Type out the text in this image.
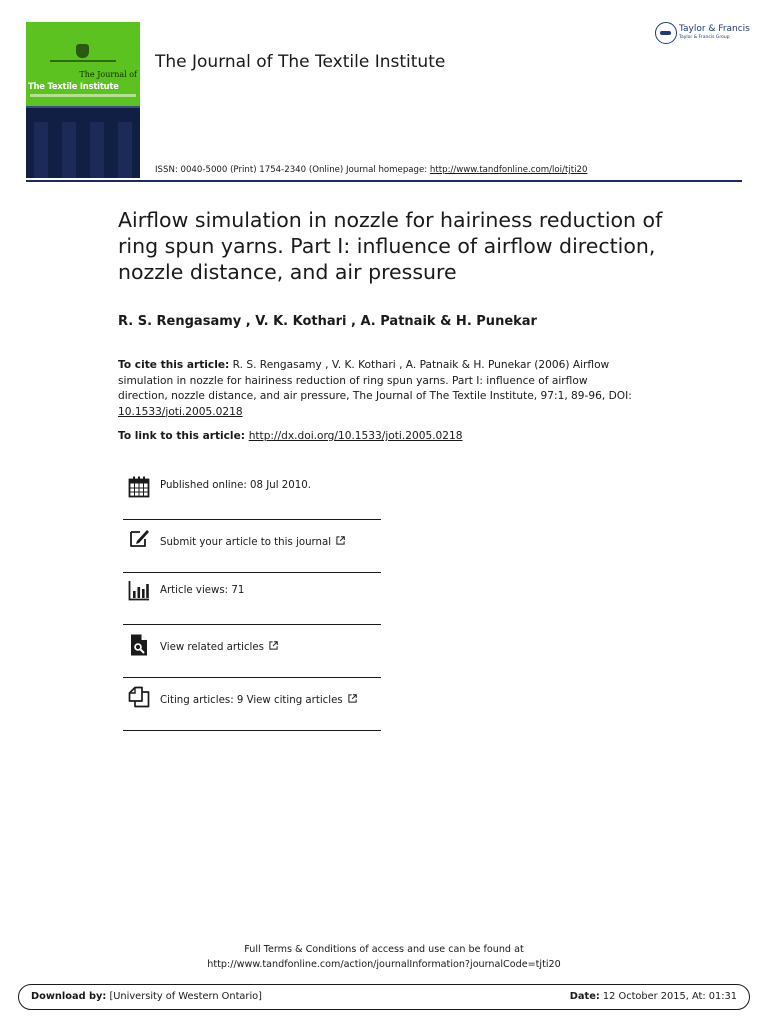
The Journal of
The Textile Institute
The Journal of The Textile Institute
Taylor & Francis
Taylor & Francis Group
ISSN: 0040-5000 (Print) 1754-2340 (Online) Journal homepage: http://www.tandfonline.com/loi/tjti20
Airflow simulation in nozzle for hairiness reduction of ring spun yarns. Part I: influence of airflow direction, nozzle distance, and air pressure
R. S. Rengasamy , V. K. Kothari , A. Patnaik & H. Punekar
To cite this article: R. S. Rengasamy , V. K. Kothari , A. Patnaik & H. Punekar (2006) Airflow simulation in nozzle for hairiness reduction of ring spun yarns. Part I: influence of airflow direction, nozzle distance, and air pressure, The Journal of The Textile Institute, 97:1, 89-96, DOI: 10.1533/joti.2005.0218
To link to this article: http://dx.doi.org/10.1533/joti.2005.0218
Published online: 08 Jul 2010.
Submit your article to this journal
Article views: 71
View related articles
Citing articles: 9 View citing articles
Full Terms & Conditions of access and use can be found at
http://www.tandfonline.com/action/journalInformation?journalCode=tjti20
Download by: [University of Western Ontario]	Date: 12 October 2015, At: 01:31
